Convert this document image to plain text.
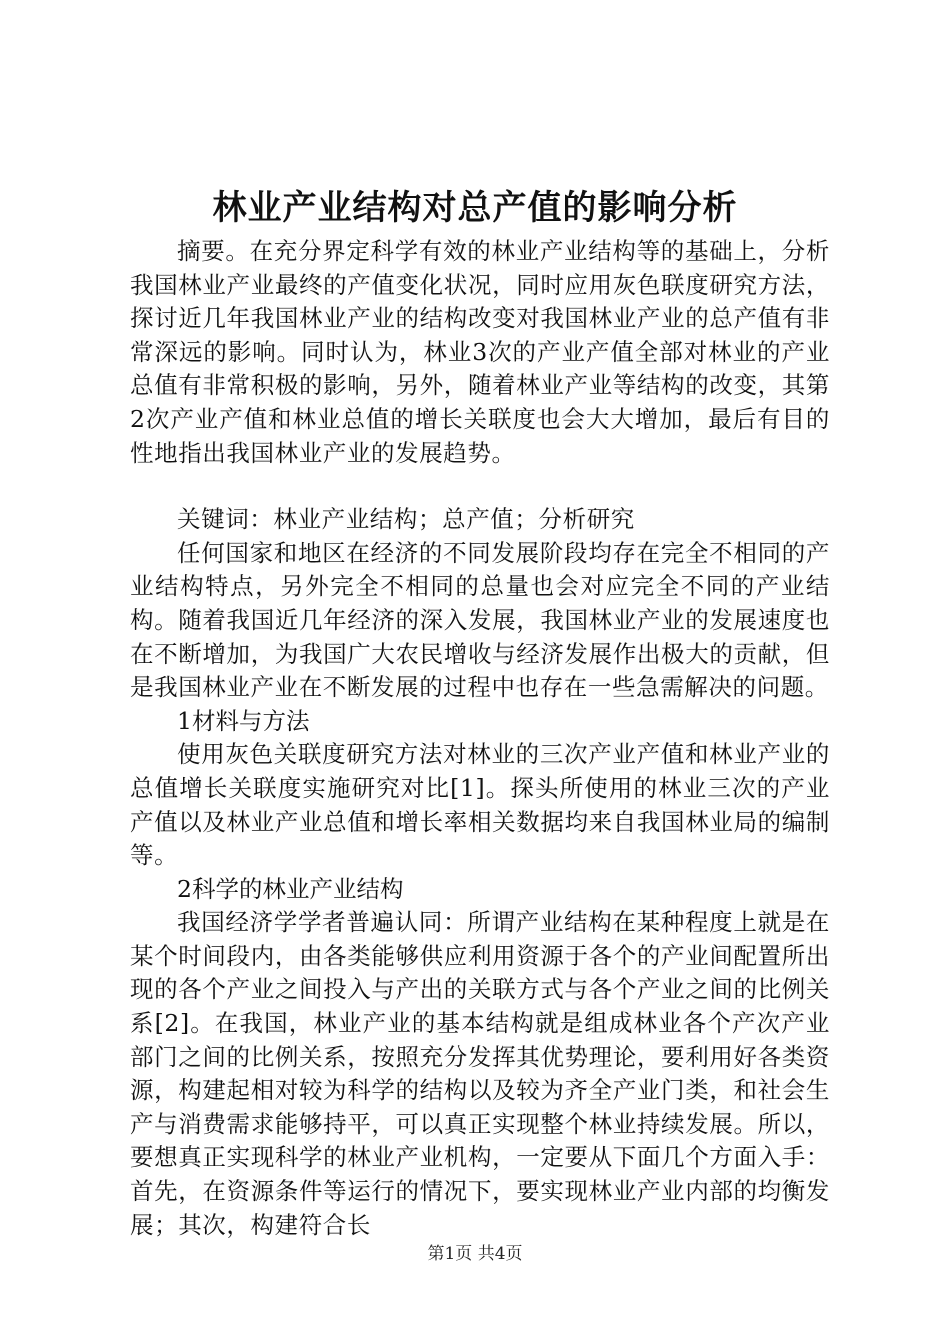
林业产业结构对总产值的影响分析

摘要。在充分界定科学有效的林业产业结构等的基础上，分析我国林业产业最终的产值变化状况，同时应用灰色联度研究方法，探讨近几年我国林业产业的结构改变对我国林业产业的总产值有非常深远的影响。同时认为，林业3次的产业产值全部对林业的产业总值有非常积极的影响，另外，随着林业产业等结构的改变，其第2次产业产值和林业总值的增长关联度也会大大增加，最后有目的性地指出我国林业产业的发展趋势。

关键词：林业产业结构；总产值；分析研究

任何国家和地区在经济的不同发展阶段均存在完全不相同的产业结构特点，另外完全不相同的总量也会对应完全不同的产业结构。随着我国近几年经济的深入发展，我国林业产业的发展速度也在不断增加，为我国广大农民增收与经济发展作出极大的贡献，但是我国林业产业在不断发展的过程中也存在一些急需解决的问题。

1材料与方法

使用灰色关联度研究方法对林业的三次产业产值和林业产业的总值增长关联度实施研究对比[1]。探头所使用的林业三次的产业产值以及林业产业总值和增长率相关数据均来自我国林业局的编制等。

2科学的林业产业结构

我国经济学学者普遍认同：所谓产业结构在某种程度上就是在某个时间段内，由各类能够供应利用资源于各个的产业间配置所出现的各个产业之间投入与产出的关联方式与各个产业之间的比例关系[2]。在我国，林业产业的基本结构就是组成林业各个产次产业部门之间的比例关系，按照充分发挥其优势理论，要利用好各类资源，构建起相对较为科学的结构以及较为齐全产业门类，和社会生产与消费需求能够持平，可以真正实现整个林业持续发展。所以，要想真正实现科学的林业产业机构，一定要从下面几个方面入手：首先，在资源条件等运行的情况下，要实现林业产业内部的均衡发展；其次，构建符合长

第1页 共4页
